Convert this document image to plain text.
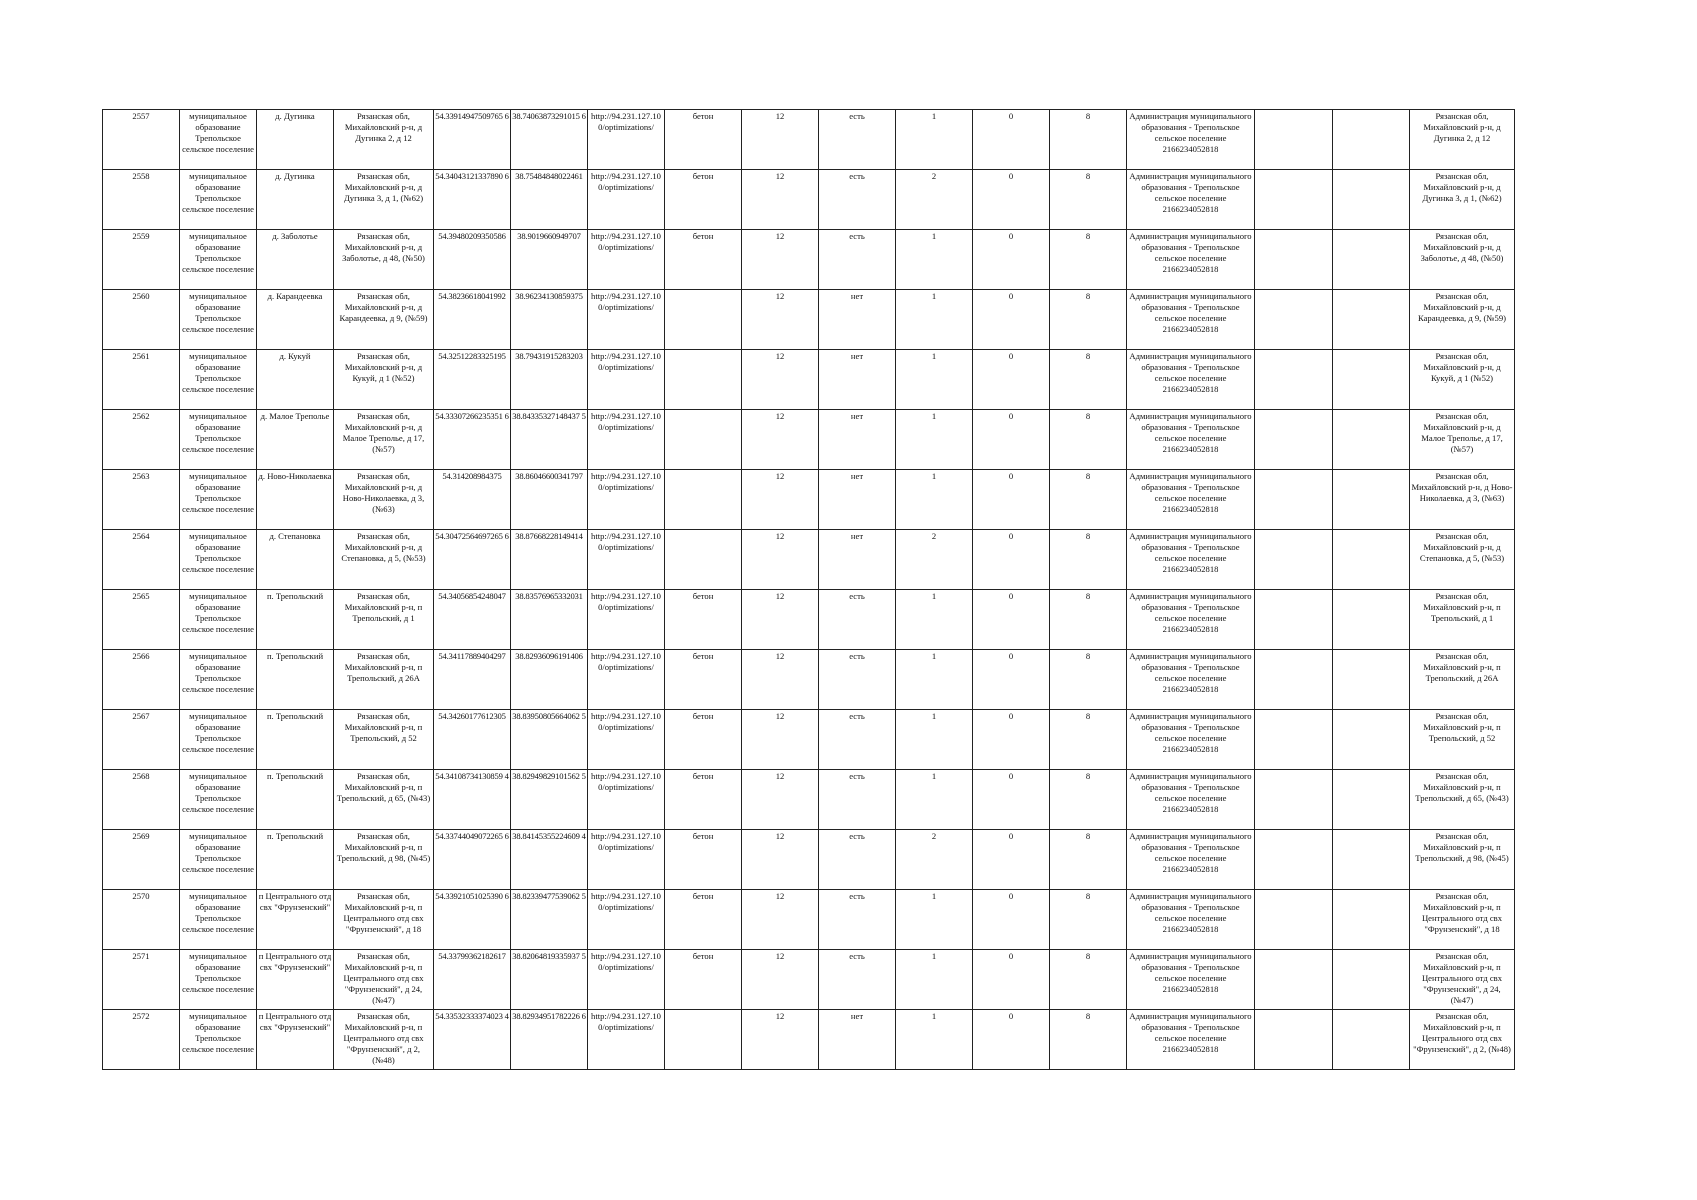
2557	муниципальное образование Трепольское сельское поселение	д. Дугинка	Рязанская обл, Михайловский р-н, д Дугинка 2, д 12	54.33914947509765 6	38.74063873291015 6	http://94.231.127.10 0/optimizations/	бетон	12	есть	1	0	8	Администрация муниципального образования - Трепольское сельское поселение 2166234052818			Рязанская обл, Михайловский р-н, д Дугинка 2, д 12
2558	муниципальное образование Трепольское сельское поселение	д. Дугинка	Рязанская обл, Михайловский р-н, д Дугинка 3, д 1, (№62)	54.34043121337890 6	38.75484848022461	http://94.231.127.10 0/optimizations/	бетон	12	есть	2	0	8	Администрация муниципального образования - Трепольское сельское поселение 2166234052818			Рязанская обл, Михайловский р-н, д Дугинка 3, д 1, (№62)
2559	муниципальное образование Трепольское сельское поселение	д. Заболотье	Рязанская обл, Михайловский р-н, д Заболотье, д 48, (№50)	54.39480209350586	38.9019660949707	http://94.231.127.10 0/optimizations/	бетон	12	есть	1	0	8	Администрация муниципального образования - Трепольское сельское поселение 2166234052818			Рязанская обл, Михайловский р-н, д Заболотье, д 48, (№50)
2560	муниципальное образование Трепольское сельское поселение	д. Карандеевка	Рязанская обл, Михайловский р-н, д Карандеевка, д 9, (№59)	54.38236618041992	38.96234130859375	http://94.231.127.10 0/optimizations/		12	нет	1	0	8	Администрация муниципального образования - Трепольское сельское поселение 2166234052818			Рязанская обл, Михайловский р-н, д Карандеевка, д 9, (№59)
2561	муниципальное образование Трепольское сельское поселение	д. Кукуй	Рязанская обл, Михайловский р-н, д Кукуй, д 1 (№52)	54.32512283325195	38.79431915283203	http://94.231.127.10 0/optimizations/		12	нет	1	0	8	Администрация муниципального образования - Трепольское сельское поселение 2166234052818			Рязанская обл, Михайловский р-н, д Кукуй, д 1 (№52)
2562	муниципальное образование Трепольское сельское поселение	д. Малое Треполье	Рязанская обл, Михайловский р-н, д Малое Треполье, д 17, (№57)	54.33307266235351 6	38.84335327148437 5	http://94.231.127.10 0/optimizations/		12	нет	1	0	8	Администрация муниципального образования - Трепольское сельское поселение 2166234052818			Рязанская обл, Михайловский р-н, д Малое Треполье, д 17, (№57)
2563	муниципальное образование Трепольское сельское поселение	д. Ново-Николаевка	Рязанская обл, Михайловский р-н, д Ново-Николаевка, д 3, (№63)	54.314208984375	38.86046600341797	http://94.231.127.10 0/optimizations/		12	нет	1	0	8	Администрация муниципального образования - Трепольское сельское поселение 2166234052818			Рязанская обл, Михайловский р-н, д Ново-Николаевка, д 3, (№63)
2564	муниципальное образование Трепольское сельское поселение	д. Степановка	Рязанская обл, Михайловский р-н, д Степановка, д 5, (№53)	54.30472564697265 6	38.87668228149414	http://94.231.127.10 0/optimizations/		12	нет	2	0	8	Администрация муниципального образования - Трепольское сельское поселение 2166234052818			Рязанская обл, Михайловский р-н, д Степановка, д 5, (№53)
2565	муниципальное образование Трепольское сельское поселение	п. Трепольский	Рязанская обл, Михайловский р-н, п Трепольский, д 1	54.34056854248047	38.83576965332031	http://94.231.127.10 0/optimizations/	бетон	12	есть	1	0	8	Администрация муниципального образования - Трепольское сельское поселение 2166234052818			Рязанская обл, Михайловский р-н, п Трепольский, д 1
2566	муниципальное образование Трепольское сельское поселение	п. Трепольский	Рязанская обл, Михайловский р-н, п Трепольский, д 26А	54.34117889404297	38.82936096191406	http://94.231.127.10 0/optimizations/	бетон	12	есть	1	0	8	Администрация муниципального образования - Трепольское сельское поселение 2166234052818			Рязанская обл, Михайловский р-н, п Трепольский, д 26А
2567	муниципальное образование Трепольское сельское поселение	п. Трепольский	Рязанская обл, Михайловский р-н, п Трепольский, д 52	54.34260177612305	38.83950805664062 5	http://94.231.127.10 0/optimizations/	бетон	12	есть	1	0	8	Администрация муниципального образования - Трепольское сельское поселение 2166234052818			Рязанская обл, Михайловский р-н, п Трепольский, д 52
2568	муниципальное образование Трепольское сельское поселение	п. Трепольский	Рязанская обл, Михайловский р-н, п Трепольский, д 65, (№43)	54.34108734130859 4	38.82949829101562 5	http://94.231.127.10 0/optimizations/	бетон	12	есть	1	0	8	Администрация муниципального образования - Трепольское сельское поселение 2166234052818			Рязанская обл, Михайловский р-н, п Трепольский, д 65, (№43)
2569	муниципальное образование Трепольское сельское поселение	п. Трепольский	Рязанская обл, Михайловский р-н, п Трепольский, д 98, (№45)	54.33744049072265 6	38.84145355224609 4	http://94.231.127.10 0/optimizations/	бетон	12	есть	2	0	8	Администрация муниципального образования - Трепольское сельское поселение 2166234052818			Рязанская обл, Михайловский р-н, п Трепольский, д 98, (№45)
2570	муниципальное образование Трепольское сельское поселение	п Центрального отд свх "Фрунзенский"	Рязанская обл, Михайловский р-н, п Центрального отд свх "Фрунзенский", д 18	54.33921051025390 6	38.82339477539062 5	http://94.231.127.10 0/optimizations/	бетон	12	есть	1	0	8	Администрация муниципального образования - Трепольское сельское поселение 2166234052818			Рязанская обл, Михайловский р-н, п Центрального отд свх "Фрунзенский", д 18
2571	муниципальное образование Трепольское сельское поселение	п Центрального отд свх "Фрунзенский"	Рязанская обл, Михайловский р-н, п Центрального отд свх "Фрунзенский", д 24, (№47)	54.33799362182617	38.82064819335937 5	http://94.231.127.10 0/optimizations/	бетон	12	есть	1	0	8	Администрация муниципального образования - Трепольское сельское поселение 2166234052818			Рязанская обл, Михайловский р-н, п Центрального отд свх "Фрунзенский", д 24, (№47)
2572	муниципальное образование Трепольское сельское поселение	п Центрального отд свх "Фрунзенский"	Рязанская обл, Михайловский р-н, п Центрального отд свх "Фрунзенский", д 2, (№48)	54.33532333374023 4	38.82934951782226 6	http://94.231.127.10 0/optimizations/		12	нет	1	0	8	Администрация муниципального образования - Трепольское сельское поселение 2166234052818			Рязанская обл, Михайловский р-н, п Центрального отд свх "Фрунзенский", д 2, (№48)
